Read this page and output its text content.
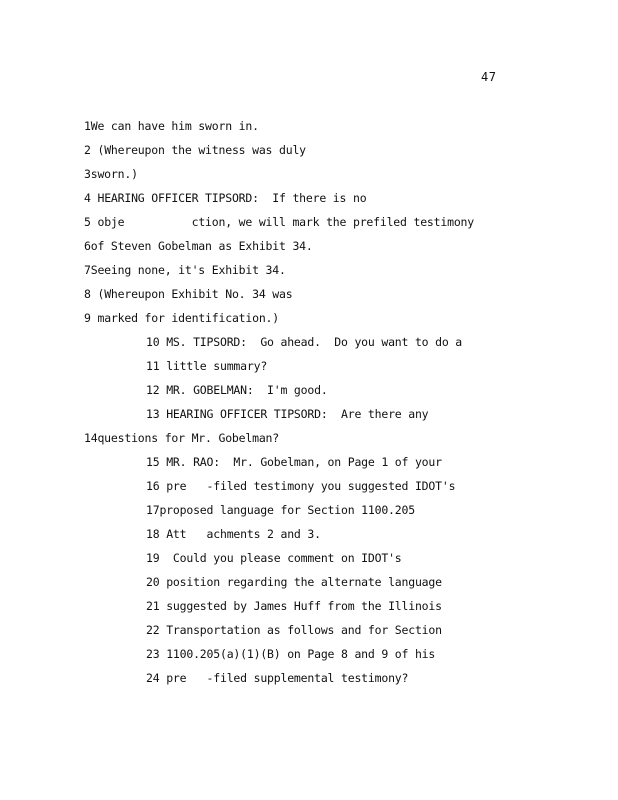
47
1We can have him sworn in.
2 (Whereupon the witness was duly
3sworn.)
4 HEARING OFFICER TIPSORD:  If there is no
5 obje          ction, we will mark the prefiled testimony
6of Steven Gobelman as Exhibit 34.
7Seeing none, it's Exhibit 34.
8 (Whereupon Exhibit No. 34 was
9 marked for identification.)
10 MS. TIPSORD:  Go ahead.  Do you want to do a
11 little summary?
12 MR. GOBELMAN:  I'm good.
13 HEARING OFFICER TIPSORD:  Are there any
14questions for Mr. Gobelman?
15 MR. RAO:  Mr. Gobelman, on Page 1 of your
16 pre   -filed testimony you suggested IDOT's
17proposed language for Section 1100.205
18 Att   achments 2 and 3.
19  Could you please comment on IDOT's
20 position regarding the alternate language
21 suggested by James Huff from the Illinois
22 Transportation as follows and for Section
23 1100.205(a)(1)(B) on Page 8 and 9 of his
24 pre   -filed supplemental testimony?
